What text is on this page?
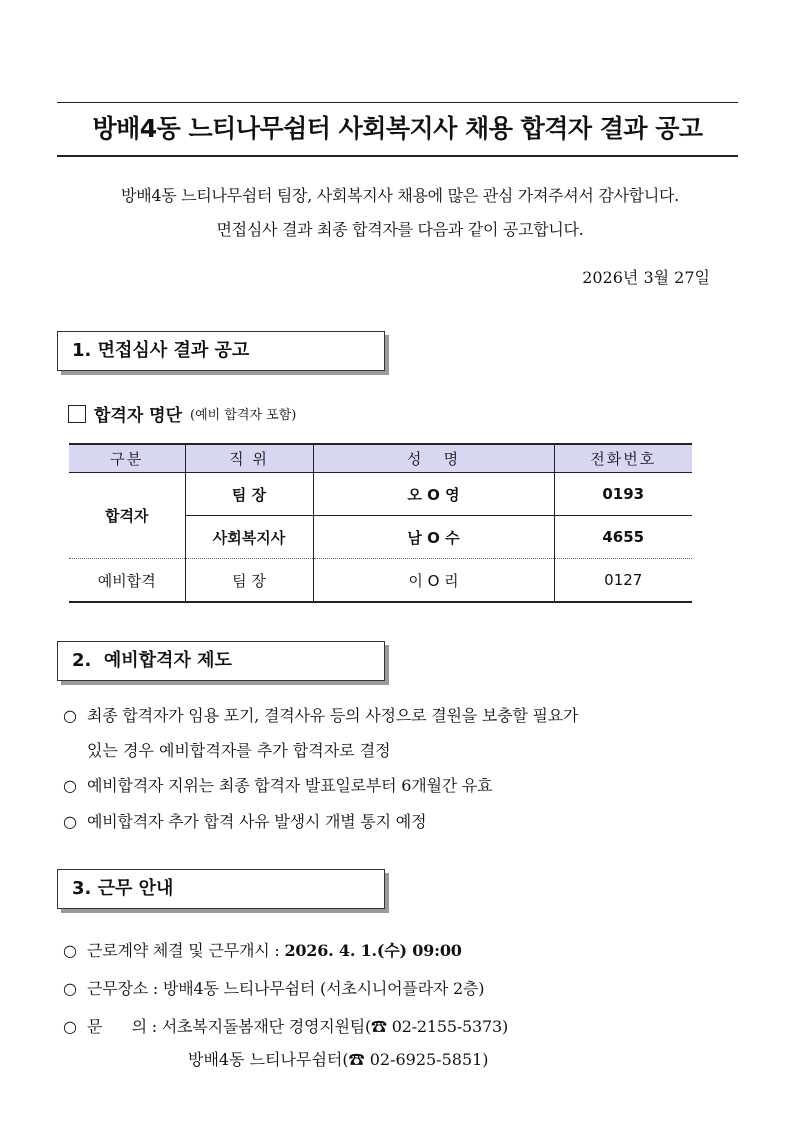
방배4동 느티나무쉼터 사회복지사 채용 합격자 결과 공고
방배4동 느티나무쉼터 팀장, 사회복지사 채용에 많은 관심 가져주셔서 감사합니다.
면접심사 결과 최종 합격자를 다음과 같이 공고합니다.
2026년 3월 27일
1. 면접심사 결과 공고
합격자 명단 (예비 합격자 포함)
구분	직 위	성   명	전화번호
합격자	팀 장	오 O 영	0193
	사회복지사	남 O 수	4655
예비합격	팀 장	이 O 리	0127
2.  예비합격자 제도
○ 최종 합격자가 임용 포기, 결격사유 등의 사정으로 결원을 보충할 필요가
있는 경우 예비합격자를 추가 합격자로 결정
○ 예비합격자 지위는 최종 합격자 발표일로부터 6개월간 유효
○ 예비합격자 추가 합격 사유 발생시 개별 통지 예정
3. 근무 안내
○ 근로계약 체결 및 근무개시 : 2026. 4. 1.(수) 09:00
○ 근무장소 : 방배4동 느티나무쉼터 (서초시니어플라자 2층)
○ 문      의 : 서초복지돌봄재단 경영지원팀(☎ 02-2155-5373)
방배4동 느티나무쉼터(☎ 02-6925-5851)
